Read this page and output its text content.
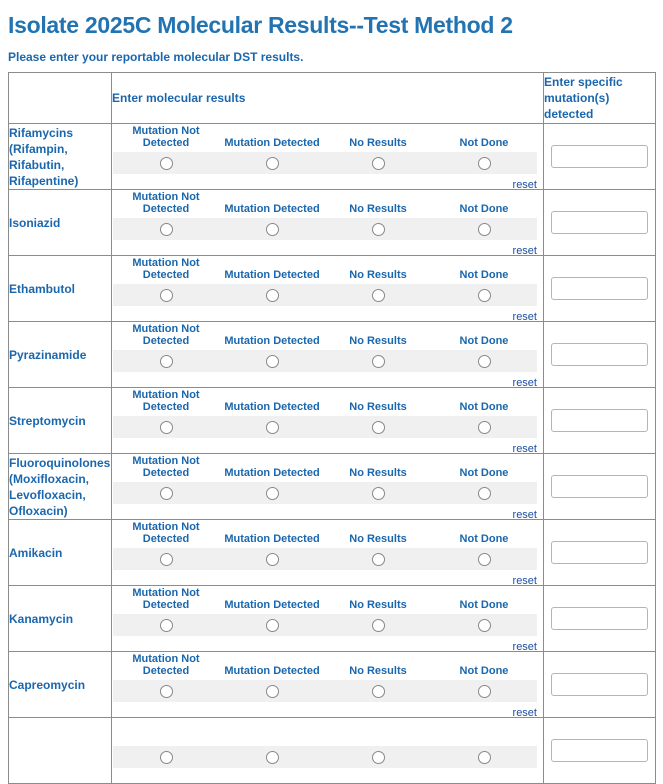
Isolate 2025C Molecular Results--Test Method 2
Please enter your reportable molecular DST results.
	Enter molecular results	Enter specific mutation(s) detected

Rifamycins (Rifampin, Rifabutin, Rifapentine)	Mutation Not Detected Mutation Detected No Results Not Done
reset

Isoniazid	Mutation Not Detected Mutation Detected No Results Not Done
reset

Ethambutol	Mutation Not Detected Mutation Detected No Results Not Done
reset

Pyrazinamide	Mutation Not Detected Mutation Detected No Results Not Done
reset

Streptomycin	Mutation Not Detected Mutation Detected No Results Not Done
reset

Fluoroquinolones (Moxifloxacin, Levofloxacin, Ofloxacin)	Mutation Not Detected Mutation Detected No Results Not Done
reset

Amikacin	Mutation Not Detected Mutation Detected No Results Not Done
reset

Kanamycin	Mutation Not Detected Mutation Detected No Results Not Done
reset

Capreomycin	Mutation Not Detected Mutation Detected No Results Not Done
reset
